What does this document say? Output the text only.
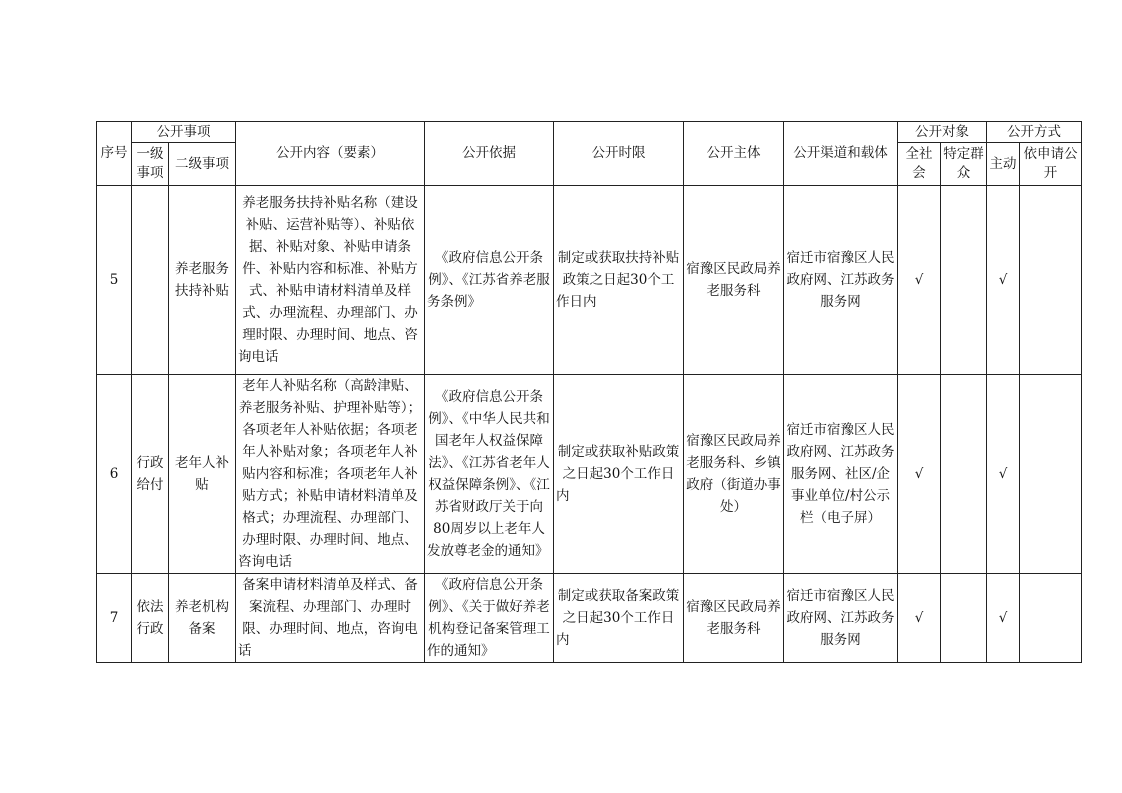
序号	公开事项		公开内容（要素）	公开依据	公开时限	公开主体	公开渠道和载体	公开对象		公开方式	
	一级事项	二级事项						全社会	特定群众	主动	依申请公开
5		养老服务扶持补贴	养老服务扶持补贴名称（建设补贴、运营补贴等）、补贴依据、补贴对象、补贴申请条件、补贴内容和标准、补贴方式、补贴申请材料清单及样式、办理流程、办理部门、办理时限、办理时间、地点、咨询电话	《政府信息公开条例》、《江苏省养老服务条例》	制定或获取扶持补贴政策之日起30个工作日内	宿豫区民政局养老服务科	宿迁市宿豫区人民政府网、江苏政务服务网	√		√	
6	行政给付	老年人补贴	老年人补贴名称（高龄津贴、养老服务补贴、护理补贴等）；各项老年人补贴依据；各项老年人补贴对象；各项老年人补贴内容和标准；各项老年人补贴方式；补贴申请材料清单及格式；办理流程、办理部门、办理时限、办理时间、地点、咨询电话	《政府信息公开条例》、《中华人民共和国老年人权益保障法》、《江苏省老年人权益保障条例》、《江苏省财政厅关于向80周岁以上老年人发放尊老金的通知》	制定或获取补贴政策之日起30个工作日内	宿豫区民政局养老服务科、乡镇政府（街道办事处）	宿迁市宿豫区人民政府网、江苏政务服务网、社区/企事业单位/村公示栏（电子屏）	√		√	
7	依法行政	养老机构备案	备案申请材料清单及样式、备案流程、办理部门、办理时限、办理时间、地点，咨询电话	《政府信息公开条例》、《关于做好养老机构登记备案管理工作的通知》	制定或获取备案政策之日起30个工作日内	宿豫区民政局养老服务科	宿迁市宿豫区人民政府网、江苏政务服务网	√		√	
